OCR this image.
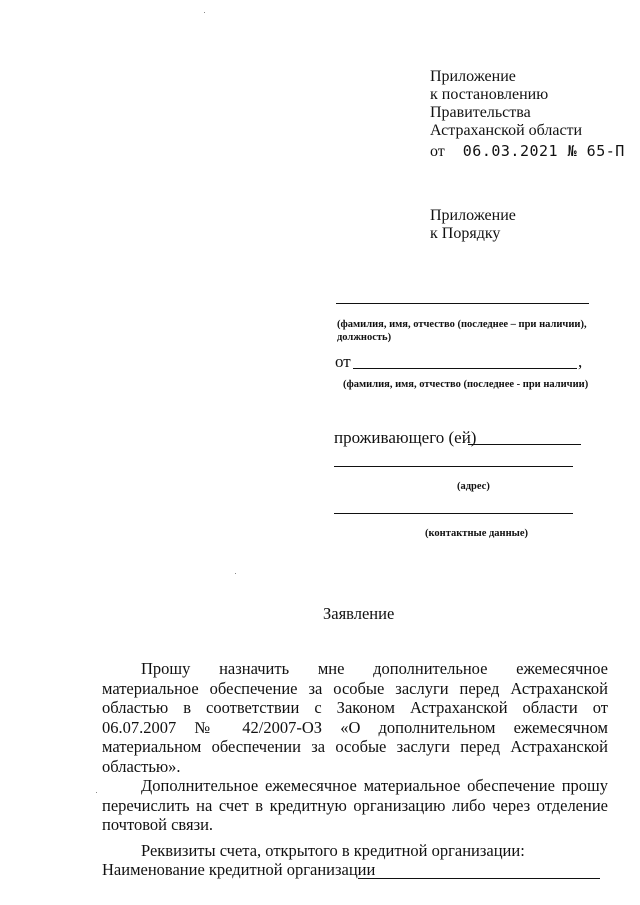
Приложение
к постановлению
Правительства
Астраханской области
от 06.03.2021 № 65-П
Приложение
к Порядку
(фамилия, имя, отчество (последнее – при наличии),
должность)
от	,
(фамилия, имя, отчество (последнее - при наличии)
проживающего (ей)
(адрес)
(контактные данные)
Заявление

Прошу назначить мне дополнительное ежемесячное материальное обеспечение за особые заслуги перед Астраханской областью в соответствии с Законом Астраханской области от 06.07.2007 № 42/2007-ОЗ «О дополнительном ежемесячном материальном обеспечении за особые заслуги перед Астраханской областью».

Дополнительное ежемесячное материальное обеспечение прошу перечислить на счет в кредитную организацию либо через отделение почтовой связи.

Реквизиты счета, открытого в кредитной организации:

Наименование кредитной организации
